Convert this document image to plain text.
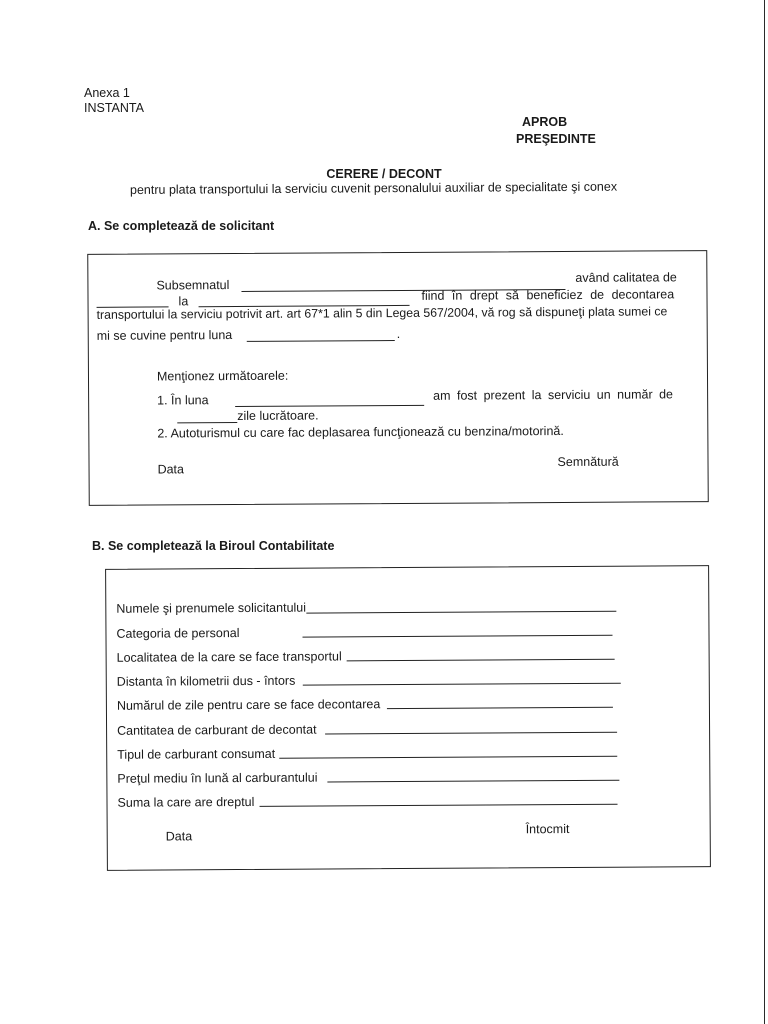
Anexa 1
INSTANTA
APROB
PREŞEDINTE
CERERE / DECONT
pentru plata transportului la serviciu cuvenit personalului auxiliar de specialitate şi conex
A. Se completează de solicitant
Subsemnatul
având calitatea de
la	fiind în drept să beneficiez de decontarea
transportului la serviciu potrivit art. art 67*1 alin 5 din Legea 567/2004, vă rog să dispuneţi plata sumei ce
mi se cuvine pentru luna	.
Menţionez următoarele:
1. În luna	am fost prezent la serviciu un număr de
zile lucrătoare.
2. Autoturismul cu care fac deplasarea funcţionează cu benzina/motorină.
Data
Semnătură
B. Se completează la Biroul Contabilitate
Numele şi prenumele solicitantului
Categoria de personal
Localitatea de la care se face transportul
Distanta în kilometrii dus - întors
Numărul de zile pentru care se face decontarea
Cantitatea de carburant de decontat
Tipul de carburant consumat
Preţul mediu în lună al carburantului
Suma la care are dreptul
Data
Întocmit
